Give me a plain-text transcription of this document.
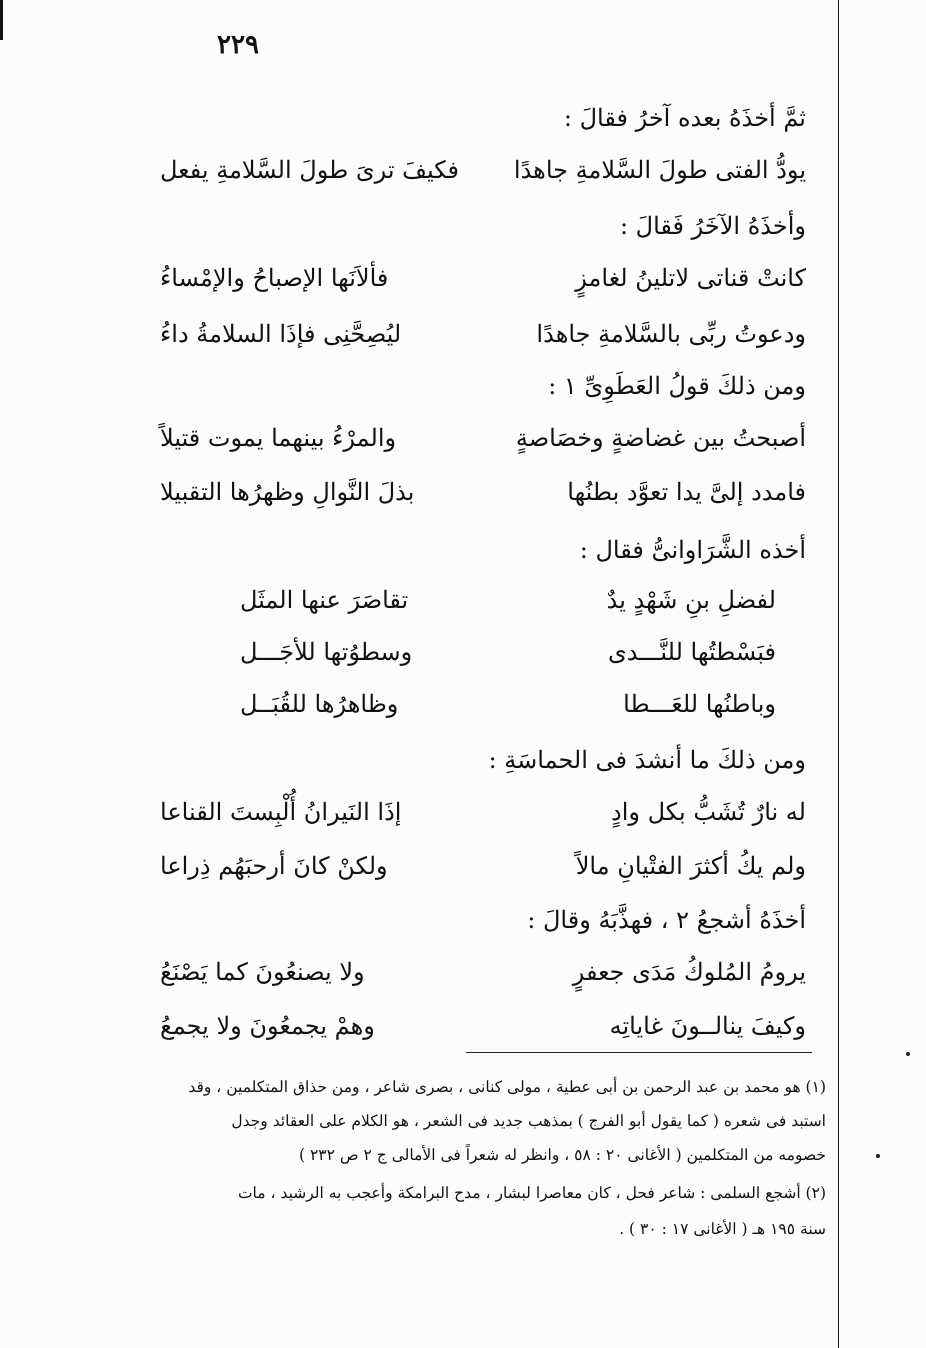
٢٢٩
ثمَّ أخذَهُ بعده آخرُ فقالَ :
يودُّ الفتى طولَ السَّلامةِ جاهدًا
فكيفَ ترىَ طولَ السَّلامةِ يفعل
وأخذَهُ الآخَرُ فَقالَ :
كانتْ قناتى لاتلينُ لغامزٍ
فألاَنَها الإصباحُ والإمْساءُ
ودعوتُ ربِّى بالسَّلامةِ جاهدًا
ليُصِحَّنِى فإذَا السلامةُ داءُ
ومن ذلكَ قولُ العَطَوِىِّ ١ :
أصبحتُ بين غضاضةٍ وخصَاصةٍ
والمرْءُ بينهما يموت قتيلاً
فامدد إلىَّ يدا تعوَّد بطنُها
بذلَ النَّوالِ وظهرُها التقبيلا
أخذه الشَّرَاوانىُّ فقال :
لفضلِ بنِ شَهْدٍ يدٌ
تقاصَرَ عنها المثَل
فبَسْطتُها للنَّـــدى
وسطوُتها للأجَـــل
وباطنُها للعَـــطا
وظاهرُها للقُبَــل
ومن ذلكَ ما أنشدَ فى الحماسَةِ :
له نارٌ تُشَبُّ بكل وادٍ
إذَا النَيرانُ أُلْبِستَ القناعا
ولم يكُ أكثرَ الفتْيانِ مالاً
ولكنْ كانَ أرحبَهُم ذِراعا
أخذَهُ أشجعُ ٢ ، فهذَّبَهُ وقالَ :
يرومُ المُلوكُ مَدَى جعفرٍ
ولا يصنعُونَ كما يَصْنَعُ
وكيفَ ينالــونَ غاياتِه
وهمْ يجمعُونَ ولا يجمعُ
(١) هو محمد بن عبد الرحمن بن أبى عطية ، مولى كنانى ، بصرى شاعر ، ومن حذاق المتكلمين ، وقد
استبد فى شعره ( كما يقول أبو الفرج ) بمذهب جديد فى الشعر ، هو الكلام على العقائد وجدل
خصومه من المتكلمين ( الأغانى ٢٠ : ٥٨ ، وانظر له شعراً فى الأمالى ج ٢ ص ٢٣٢ )
(٢) أشجع السلمى : شاعر فحل ، كان معاصرا لبشار ، مدح البرامكة وأعجب به الرشيد ، مات
سنة ١٩٥ هـ ( الأغانى ١٧ : ٣٠ ) .
